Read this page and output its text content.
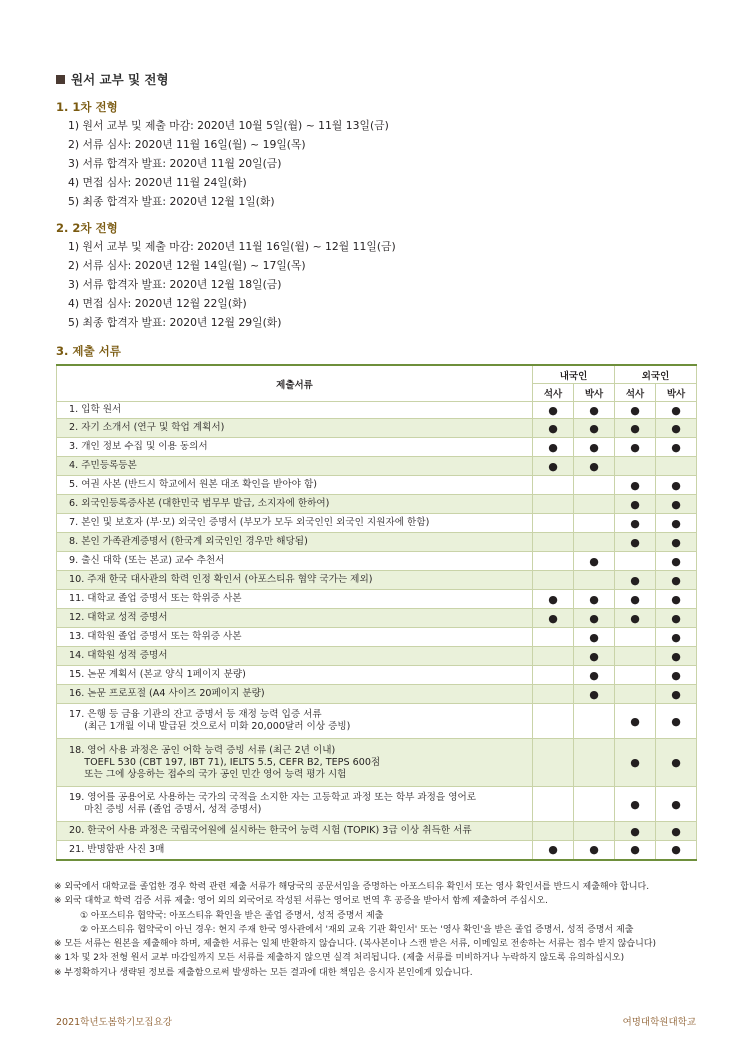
원서 교부 및 전형
1. 1차 전형
1) 원서 교부 및 제출 마감: 2020년 10월 5일(월) ~ 11월 13일(금)
2) 서류 심사: 2020년 11월 16일(월) ~ 19일(목)
3) 서류 합격자 발표: 2020년 11월 20일(금)
4) 면접 심사: 2020년 11월 24일(화)
5) 최종 합격자 발표: 2020년 12월 1일(화)
2. 2차 전형
1) 원서 교부 및 제출 마감: 2020년 11월 16일(월) ~ 12월 11일(금)
2) 서류 심사: 2020년 12월 14일(월) ~ 17일(목)
3) 서류 합격자 발표: 2020년 12월 18일(금)
4) 면접 심사: 2020년 12월 22일(화)
5) 최종 합격자 발표: 2020년 12월 29일(화)
3. 제출 서류
제출서류	내국인		외국인	
	석사	박사	석사	박사
1. 입학 원서	●	●	●	●
2. 자기 소개서 (연구 및 학업 계획서)	●	●	●	●
3. 개인 정보 수집 및 이용 동의서	●	●	●	●
4. 주민등록등본	●	●		
5. 여권 사본 (반드시 학교에서 원본 대조 확인을 받아야 함)			●	●
6. 외국인등록증사본 (대한민국 법무부 발급, 소지자에 한하여)			●	●
7. 본인 및 보호자 (부·모) 외국인 증명서 (부모가 모두 외국인인 외국인 지원자에 한함)			●	●
8. 본인 가족관계증명서 (한국계 외국인인 경우만 해당됨)			●	●
9. 출신 대학 (또는 본교) 교수 추천서		●		●
10. 주재 한국 대사관의 학력 인정 확인서 (아포스티유 협약 국가는 제외)			●	●
11. 대학교 졸업 증명서 또는 학위증 사본	●	●	●	●
12. 대학교 성적 증명서	●	●	●	●
13. 대학원 졸업 증명서 또는 학위증 사본		●		●
14. 대학원 성적 증명서		●		●
15. 논문 계획서 (본교 양식 1페이지 분량)		●		●
16. 논문 프로포절 (A4 사이즈 20페이지 분량)		●		●
17. 은행 등 금융 기관의 잔고 증명서 등 재정 능력 입증 서류
(최근 1개월 이내 발급된 것으로서 미화 20,000달러 이상 증빙)			●	●
18. 영어 사용 과정은 공인 어학 능력 증빙 서류 (최근 2년 이내)
TOEFL 530 (CBT 197, IBT 71), IELTS 5.5, CEFR B2, TEPS 600점
또는 그에 상응하는 접수의 국가 공인 민간 영어 능력 평가 시험			●	●
19. 영어를 공용어로 사용하는 국가의 국적을 소지한 자는 고등학교 과정 또는 학부 과정을 영어로
마친 증빙 서류 (졸업 증명서, 성적 증명서)			●	●
20. 한국어 사용 과정은 국립국어원에 실시하는 한국어 능력 시험 (TOPIK) 3급 이상 취득한 서류			●	●
21. 반명함판 사진 3매	●	●	●	●
※ 외국에서 대학교를 졸업한 경우 학력 관련 제출 서류가 해당국의 공문서임을 증명하는 아포스티유 확인서 또는 영사 확인서를 반드시 제출해야 합니다.
※ 외국 대학교 학력 검증 서류 제출: 영어 외의 외국어로 작성된 서류는 영어로 번역 후 공증을 받아서 함께 제출하여 주십시오.
① 아포스티유 협약국: 아포스티유 확인을 받은 졸업 증명서, 성적 증명서 제출
② 아포스티유 협약국이 아닌 경우: 현지 주재 한국 영사관에서 '재외 교육 기관 확인서' 또는 '영사 확인'을 받은 졸업 증명서, 성적 증명서 제출
※ 모든 서류는 원본을 제출해야 하며, 제출한 서류는 일체 반환하지 않습니다. (복사본이나 스캔 받은 서류, 이메일로 전송하는 서류는 접수 받지 않습니다)
※ 1차 및 2차 전형 원서 교부 마감일까지 모든 서류를 제출하지 않으면 실격 처리됩니다. (제출 서류를 미비하거나 누락하지 않도록 유의하십시오)
※ 부정확하거나 생략된 정보를 제출함으로써 발생하는 모든 결과에 대한 책임은 응시자 본인에게 있습니다.
2021학년도봄학기모집요강	여명대학원대학교
